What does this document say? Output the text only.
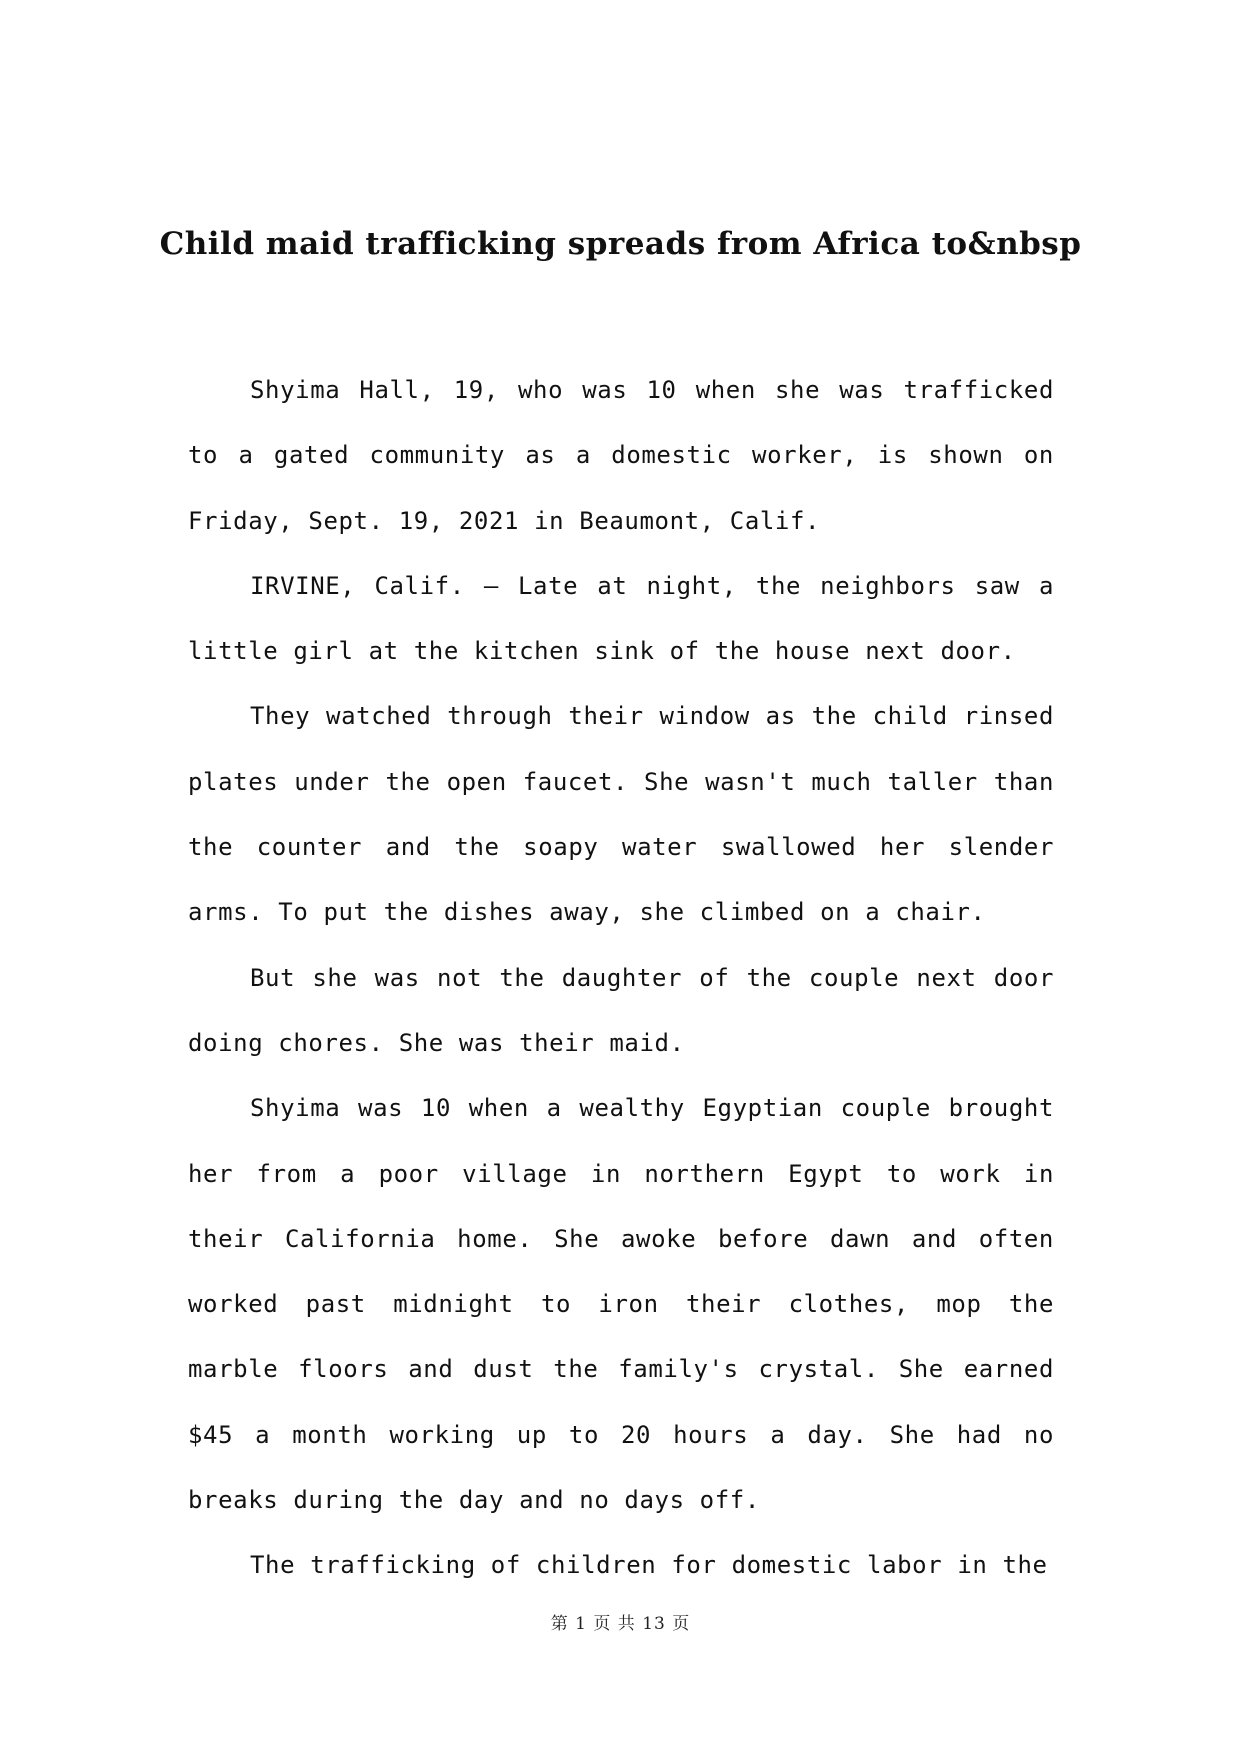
Child maid trafficking spreads from Africa to&nbsp

Shyima Hall, 19, who was 10 when she was trafficked to a gated community as a domestic worker, is shown on Friday, Sept. 19, 2021 in Beaumont, Calif.

IRVINE, Calif. – Late at night, the neighbors saw a little girl at the kitchen sink of the house next door.

They watched through their window as the child rinsed plates under the open faucet. She wasn't much taller than the counter and the soapy water swallowed her slender arms. To put the dishes away, she climbed on a chair.

But she was not the daughter of the couple next door doing chores. She was their maid.

Shyima was 10 when a wealthy Egyptian couple brought her from a poor village in northern Egypt to work in their California home. She awoke before dawn and often worked past midnight to iron their clothes, mop the marble floors and dust the family's crystal. She earned $45 a month working up to 20 hours a day. She had no breaks during the day and no days off.

The trafficking of children for domestic labor in the

第 1 页 共 13 页
